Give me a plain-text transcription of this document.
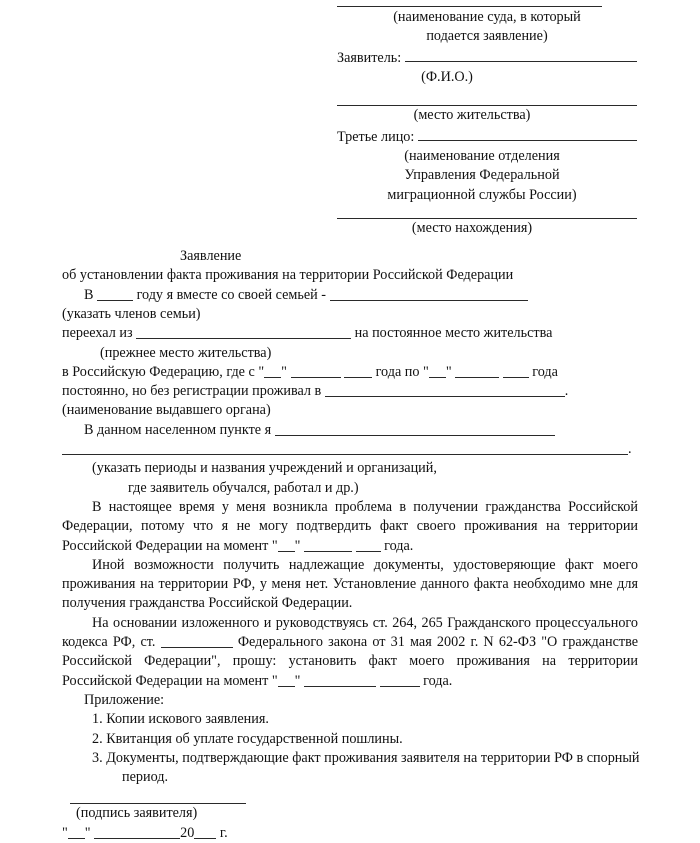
(наименование суда, в который
подается заявление)
Заявитель:
(Ф.И.О.)
(место жительства)
Третье лицо:
(наименование отделения
Управления Федеральной
миграционной службы России)
(место нахождения)

Заявление

об установлении факта проживания на территории Российской Федерации

В	году я вместе со своей семьей -

(указать членов семьи)

переехал из	на постоянное место жительства

(прежнее место жительства)

в Российскую Федерацию, где с " "	года по " "	года

постоянно, но без регистрации проживал в	.

(наименование выдавшего органа)

В данном населенном пункте я

.

(указать периоды и названия учреждений и организаций,

где заявитель обучался, работал и др.)

В настоящее время у меня возникла проблема в получении гражданства Российской Федерации, потому что я не могу подтвердить факт своего проживания на территории Российской Федерации на момент " "	года.

Иной возможности получить надлежащие документы, удостоверяющие факт моего проживания на территории РФ, у меня нет. Установление данного факта необходимо мне для получения гражданства Российской Федерации.

На основании изложенного и руководствуясь ст. 264, 265 Гражданского процессуального кодекса РФ, ст.	Федерального закона от 31 мая 2002 г. N 62-ФЗ "О гражданстве Российской Федерации", прошу: установить факт моего проживания на территории Российской Федерации на момент " "	года.

Приложение:

1. Копии искового заявления.

2. Квитанция об уплате государственной пошлины.

3. Документы, подтверждающие факт проживания заявителя на территории РФ в спорный период.

(подпись заявителя)

" "	20 г.
